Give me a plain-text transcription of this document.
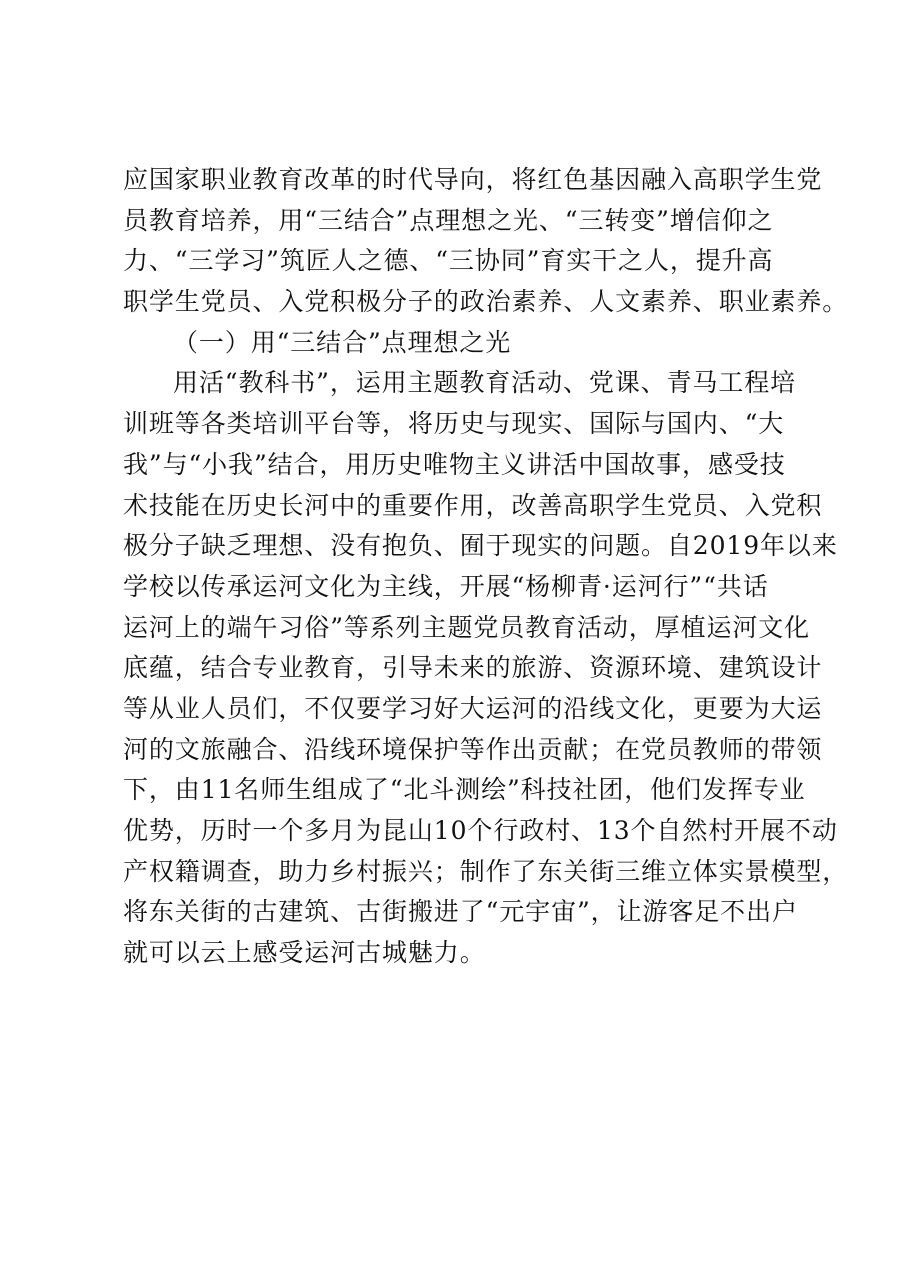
应国家职业教育改革的时代导向，将红色基因融入高职学生党
员教育培养，用“三结合”点理想之光、“三转变”增信仰之
力、“三学习”筑匠人之德、“三协同”育实干之人，提升高
职学生党员、入党积极分子的政治素养、人文素养、职业素养。
（一）用“三结合”点理想之光
用活“教科书”，运用主题教育活动、党课、青马工程培
训班等各类培训平台等，将历史与现实、国际与国内、“大
我”与“小我”结合，用历史唯物主义讲活中国故事，感受技
术技能在历史长河中的重要作用，改善高职学生党员、入党积
极分子缺乏理想、没有抱负、囿于现实的问题。自2019年以来
学校以传承运河文化为主线，开展“杨柳青·运河行”“共话
运河上的端午习俗”等系列主题党员教育活动，厚植运河文化
底蕴，结合专业教育，引导未来的旅游、资源环境、建筑设计
等从业人员们，不仅要学习好大运河的沿线文化，更要为大运
河的文旅融合、沿线环境保护等作出贡献；在党员教师的带领
下，由11名师生组成了“北斗测绘”科技社团，他们发挥专业
优势，历时一个多月为昆山10个行政村、13个自然村开展不动
产权籍调查，助力乡村振兴；制作了东关街三维立体实景模型，
将东关街的古建筑、古街搬进了“元宇宙”，让游客足不出户
就可以云上感受运河古城魅力。
